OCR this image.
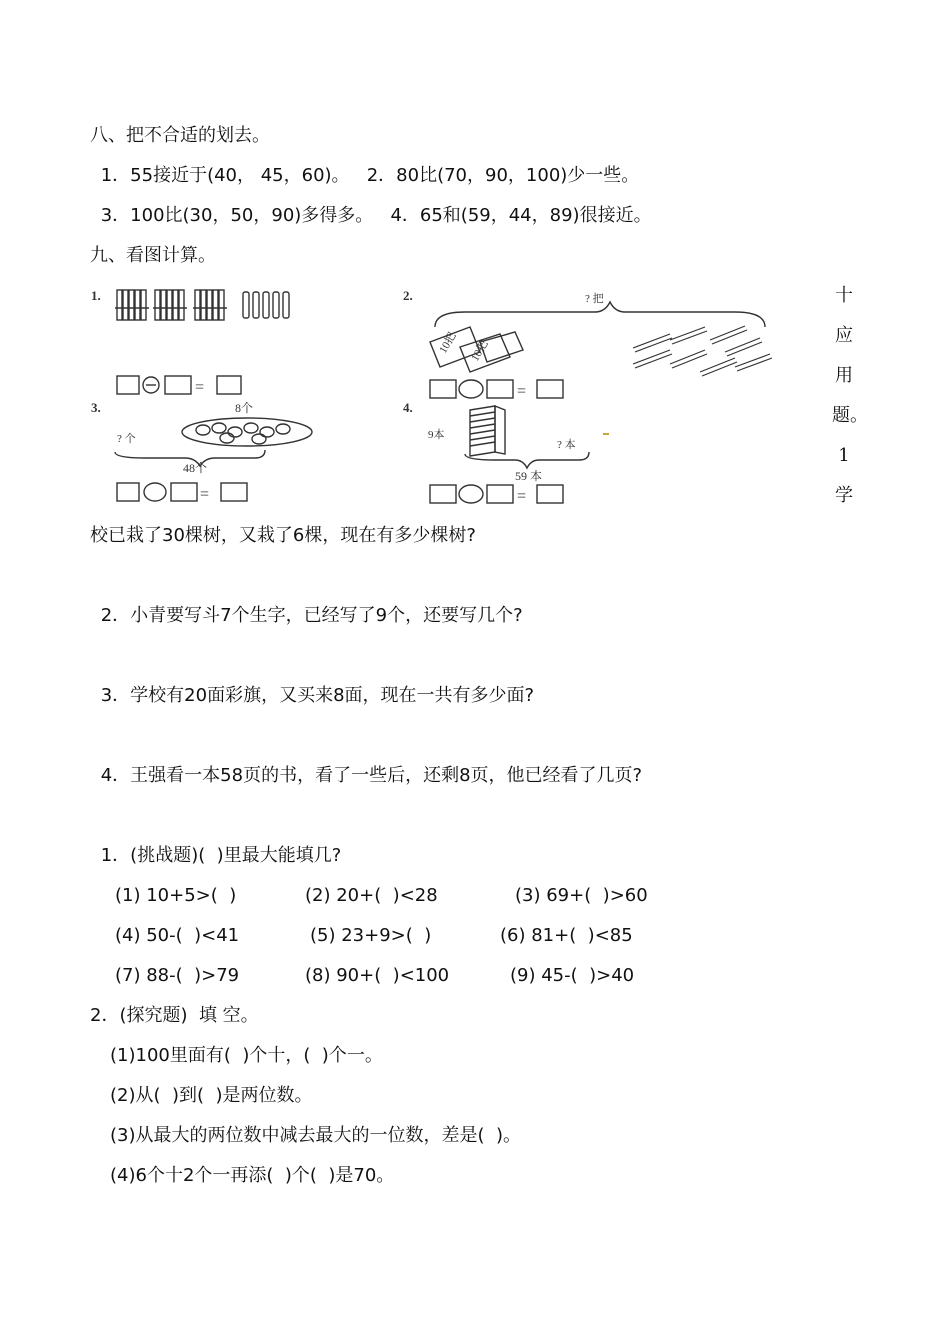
八、把不合适的划去。
1．55接近于(40， 45，60)。   2．80比(70，90，100)少一些。
3．100比(30，50，90)多得多。   4．65和(59，44，89)很接近。
九、看图计算。
1.
=
2.	? 把
10把 10把
=
3.	8个
? 个
48个
=
4.
9本
? 本
59 本
=
十
应
用
题。
1
学
校已栽了30棵树，又栽了6棵，现在有多少棵树?
2．小青要写斗7个生字，已经写了9个，还要写几个?
3．学校有20面彩旗，又买来8面，现在一共有多少面?
4．王强看一本58页的书，看了一些后，还剩8页，他已经看了几页?
1．(挑战题)(  )里最大能填几?
(1) 10+5>(  )	(2) 20+(  )<28	(3) 69+(  )>60
(4) 50-(  )<41	(5) 23+9>(  )	(6) 81+(  )<85
(7) 88-(  )>79	(8) 90+(  )<100	(9) 45-(  )>40
2．(探究题)  填 空。
(1)100里面有(  )个十，(  )个一。
(2)从(  )到(  )是两位数。
(3)从最大的两位数中减去最大的一位数，差是(  )。
(4)6个十2个一再添(  )个(  )是70。
